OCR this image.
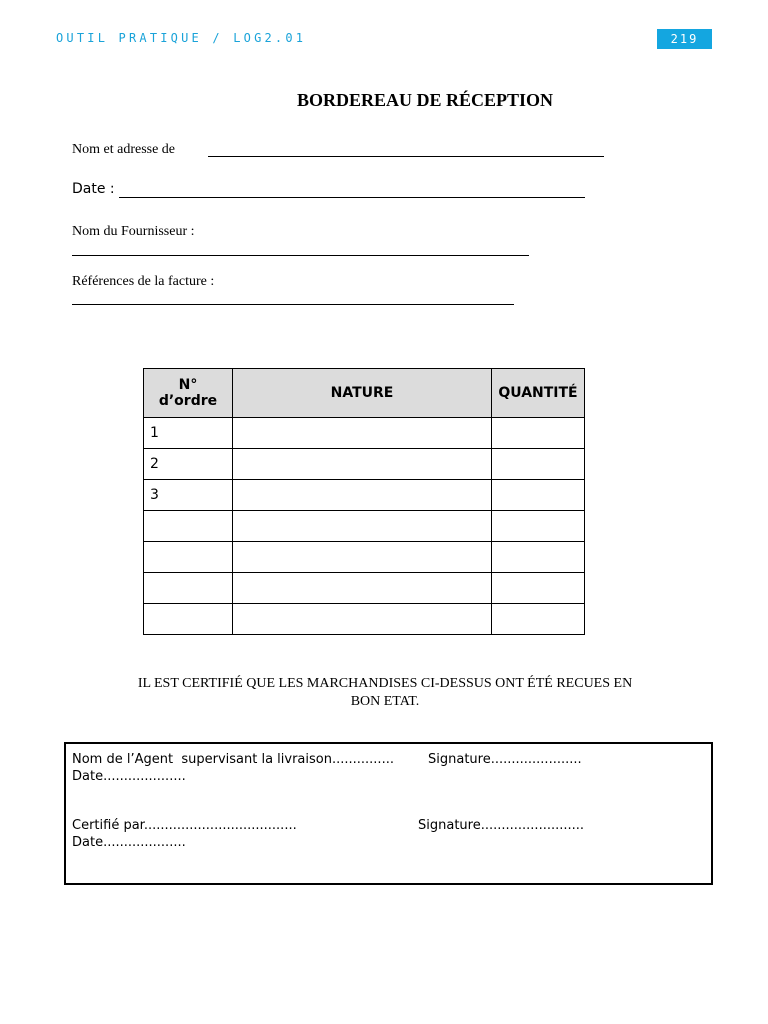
OUTIL PRATIQUE / LOG2.01	219
BORDEREAU DE RÉCEPTION
Nom et adresse de
Date :
Nom du Fournisseur :
Références de la facture :
N°
d’ordre	NATURE	QUANTITÉ
1		
2		
3		

IL EST CERTIFIÉ QUE LES MARCHANDISES CI-DESSUS ONT ÉTÉ RECUES EN
BON ETAT.
Nom de l’Agent  supervisant la livraison...............	Signature......................
Date....................
Certifié par.....................................	Signature.........................
Date....................
